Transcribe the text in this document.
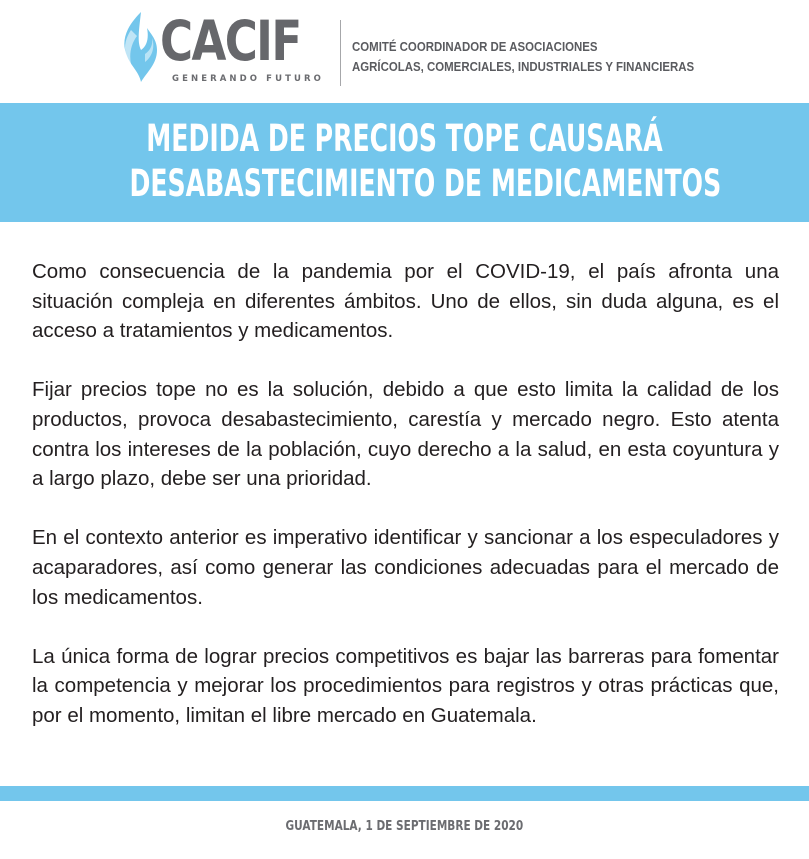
CACIF
GENERANDO FUTURO
COMITÉ COORDINADOR DE ASOCIACIONES
AGRÍCOLAS, COMERCIALES, INDUSTRIALES Y FINANCIERAS
MEDIDA DE PRECIOS TOPE CAUSARÁ
DESABASTECIMIENTO DE MEDICAMENTOS

Como consecuencia de la pandemia por el COVID-19, el país afronta una situación compleja en diferentes ámbitos. Uno de ellos, sin duda alguna, es el acceso a tratamientos y medicamentos.

Fijar precios tope no es la solución, debido a que esto limita la calidad de los productos, provoca desabastecimiento, carestía y mercado negro. Esto atenta contra los intereses de la población, cuyo derecho a la salud, en esta coyuntura y a largo plazo, debe ser una prioridad.

En el contexto anterior es imperativo identificar y sancionar a los especuladores y acaparadores, así como generar las condiciones adecuadas para el mercado de los medicamentos.

La única forma de lograr precios competitivos es bajar las barreras para fomentar la competencia y mejorar los procedimientos para registros y otras prácticas que, por el momento, limitan el libre mercado en Guatemala.

GUATEMALA, 1 DE SEPTIEMBRE DE 2020
